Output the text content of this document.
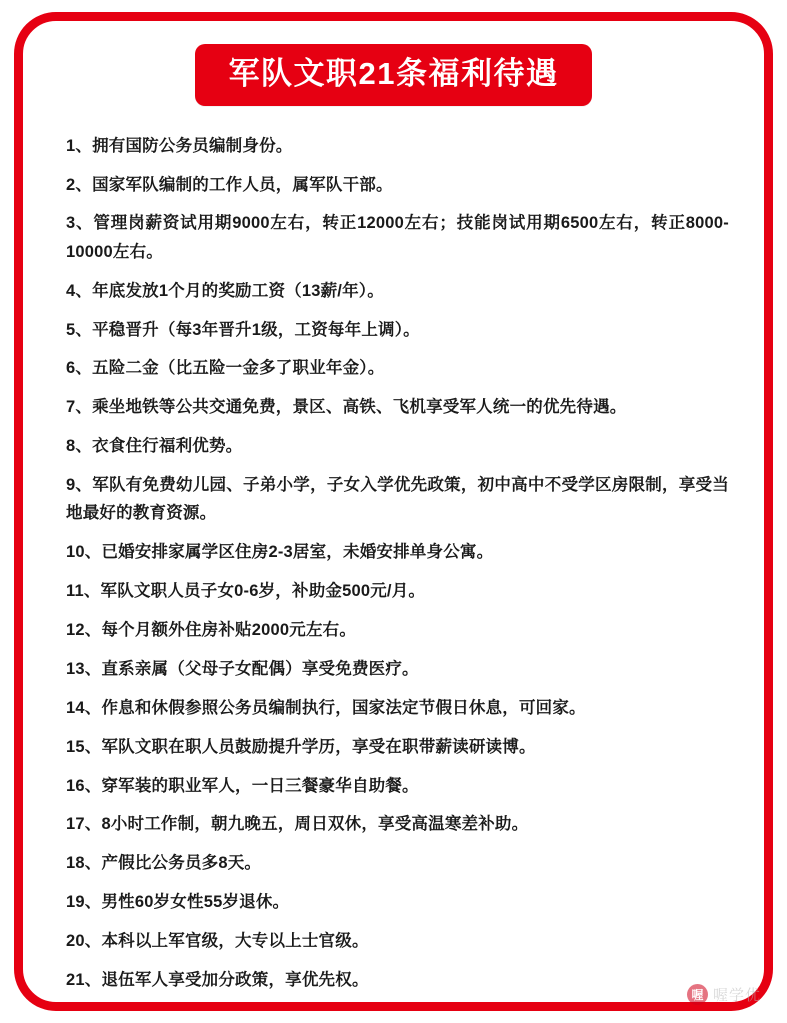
军队文职21条福利待遇
1、拥有国防公务员编制身份。
2、国家军队编制的工作人员，属军队干部。
3、管理岗薪资试用期9000左右，转正12000左右；技能岗试用期6500左右，转正8000-10000左右。
4、年底发放1个月的奖励工资（13薪/年）。
5、平稳晋升（每3年晋升1级，工资每年上调）。
6、五险二金（比五险一金多了职业年金）。
7、乘坐地铁等公共交通免费，景区、高铁、飞机享受军人统一的优先待遇。
8、衣食住行福利优势。
9、军队有免费幼儿园、子弟小学，子女入学优先政策，初中高中不受学区房限制，享受当地最好的教育资源。
10、已婚安排家属学区住房2-3居室，未婚安排单身公寓。
11、军队文职人员子女0-6岁，补助金500元/月。
12、每个月额外住房补贴2000元左右。
13、直系亲属（父母子女配偶）享受免费医疗。
14、作息和休假参照公务员编制执行，国家法定节假日休息，可回家。
15、军队文职在职人员鼓励提升学历，享受在职带薪读研读博。
16、穿军装的职业军人，一日三餐豪华自助餐。
17、8小时工作制，朝九晚五，周日双休，享受高温寒差补助。
18、产假比公务员多8天。
19、男性60岁女性55岁退休。
20、本科以上军官级，大专以上士官级。
21、退伍军人享受加分政策，享优先权。
喔 喔学优
